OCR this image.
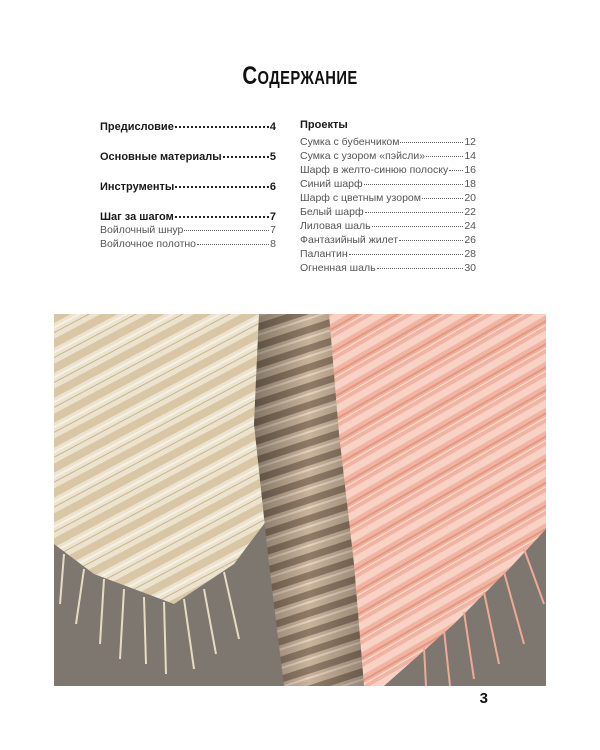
Содержание
Предисловие	4
Основные материалы	5
Инструменты	6
Шаг за шагом	7
Войлочный шнур	7
Войлочное полотно	8
Проекты
Сумка с бубенчиком	12
Сумка с узором «пэйсли»	14
Шарф в желто-синюю полоску 16
Синий шарф	18
Шарф с цветным узором	20
Белый шарф	22
Лиловая шаль	24
Фантазийный жилет	26
Палантин	28
Огненная шаль	30
3
